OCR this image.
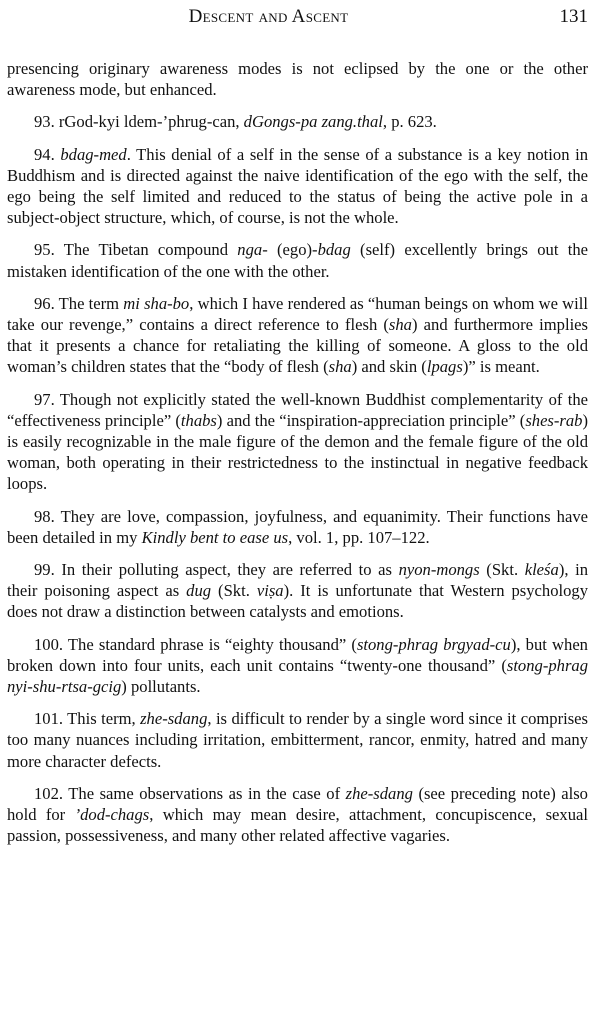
Descent and Ascent	131

presencing originary awareness modes is not eclipsed by the one or the other awareness mode, but enhanced.

93. rGod-kyi ldem-’phrug-can, dGongs-pa zang.thal, p. 623.

94. bdag-med. This denial of a self in the sense of a substance is a key notion in Buddhism and is directed against the naive identification of the ego with the self, the ego being the self limited and reduced to the status of being the active pole in a subject-object structure, which, of course, is not the whole.

95. The Tibetan compound nga- (ego)-bdag (self) excellently brings out the mistaken identification of the one with the other.

96. The term mi sha-bo, which I have rendered as “human beings on whom we will take our revenge,” contains a direct reference to flesh (sha) and furthermore implies that it presents a chance for retaliating the killing of someone. A gloss to the old woman’s children states that the “body of flesh (sha) and skin (lpags)” is meant.

97. Though not explicitly stated the well-known Buddhist complementarity of the “effectiveness principle” (thabs) and the “inspiration-appreciation principle” (shes-rab) is easily recognizable in the male figure of the demon and the female figure of the old woman, both operating in their restrictedness to the instinctual in negative feedback loops.

98. They are love, compassion, joyfulness, and equanimity. Their functions have been detailed in my Kindly bent to ease us, vol. 1, pp. 107–122.

99. In their polluting aspect, they are referred to as nyon-mongs (Skt. kleśa), in their poisoning aspect as dug (Skt. viṣa). It is unfortunate that Western psychology does not draw a distinction between catalysts and emotions.

100. The standard phrase is “eighty thousand” (stong-phrag brgyad-cu), but when broken down into four units, each unit contains “twenty-one thousand” (stong-phrag nyi-shu-rtsa-gcig) pollutants.

101. This term, zhe-sdang, is difficult to render by a single word since it comprises too many nuances including irritation, embitterment, rancor, enmity, hatred and many more character defects.

102. The same observations as in the case of zhe-sdang (see preceding note) also hold for ’dod-chags, which may mean desire, attachment, concupiscence, sexual passion, possessiveness, and many other related affective vagaries.
